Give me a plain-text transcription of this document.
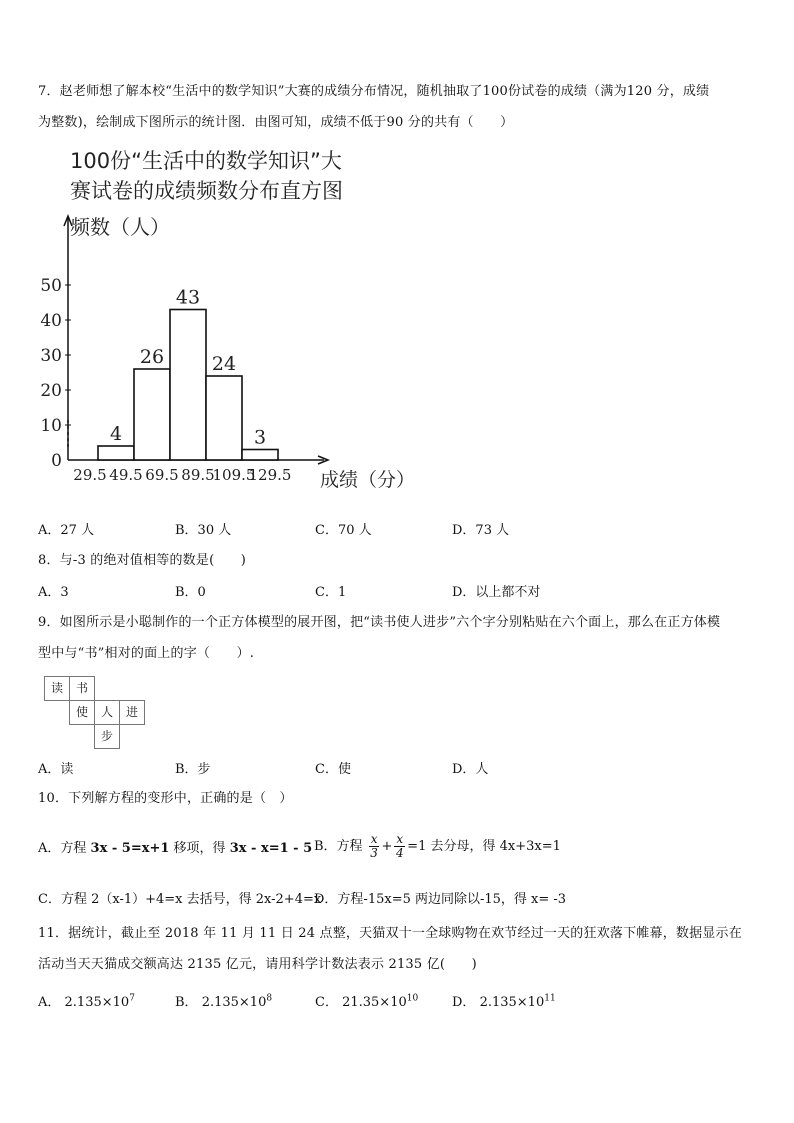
7．赵老师想了解本校“生活中的数学知识”大赛的成绩分布情况，随机抽取了100份试卷的成绩（满为120 分，成绩
为整数)，绘制成下图所示的统计图．由图可知，成绩不低于90 分的共有（　　）
100份“生活中的数学知识”大
赛试卷的成绩频数分布直方图
频数（人）
成绩（分）
0
10
20
30
40
50
29.5 49.5 69.5 89.5
109.5
129.5
4
26
43
24
3
A．27 人	B．30 人	C．70 人	D．73 人
8．与-3 的绝对值相等的数是(　　)
A．3	B．0	C．1	D．以上都不对
9．如图所示是小聪制作的一个正方体模型的展开图，把“读书使人进步”六个字分别粘贴在六个面上，那么在正方体模
型中与“书”相对的面上的字（　　）.
读	书
使	人	进
步
A．读	B．步	C．使	D．人
10．下列解方程的变形中，正确的是（　）
A．方程 3x - 5=x+1 移项，得 3x - x=1 - 5 B．方程 $\frac{x}{3} + \frac{x}{4} =1$ 去分母，得 4x+3x=1
C．方程 2（x-1）+4=x 去括号，得 2x-2+4=x
D．方程-15x=5 两边同除以-15，得 x= -3
11．据统计，截止至 2018 年 11 月 11 日 24 点整，天猫双十一全球购物在欢节经过一天的狂欢落下帷幕，数据显示在
活动当天天猫成交额高达 2135 亿元，请用科学计数法表示 2135 亿(　　)
A． $2.135\times 10^7$	B． $2.135\times 10^8$	C． $21.35\times 10^{10}$	D． $2.135\times 10^{11}$
